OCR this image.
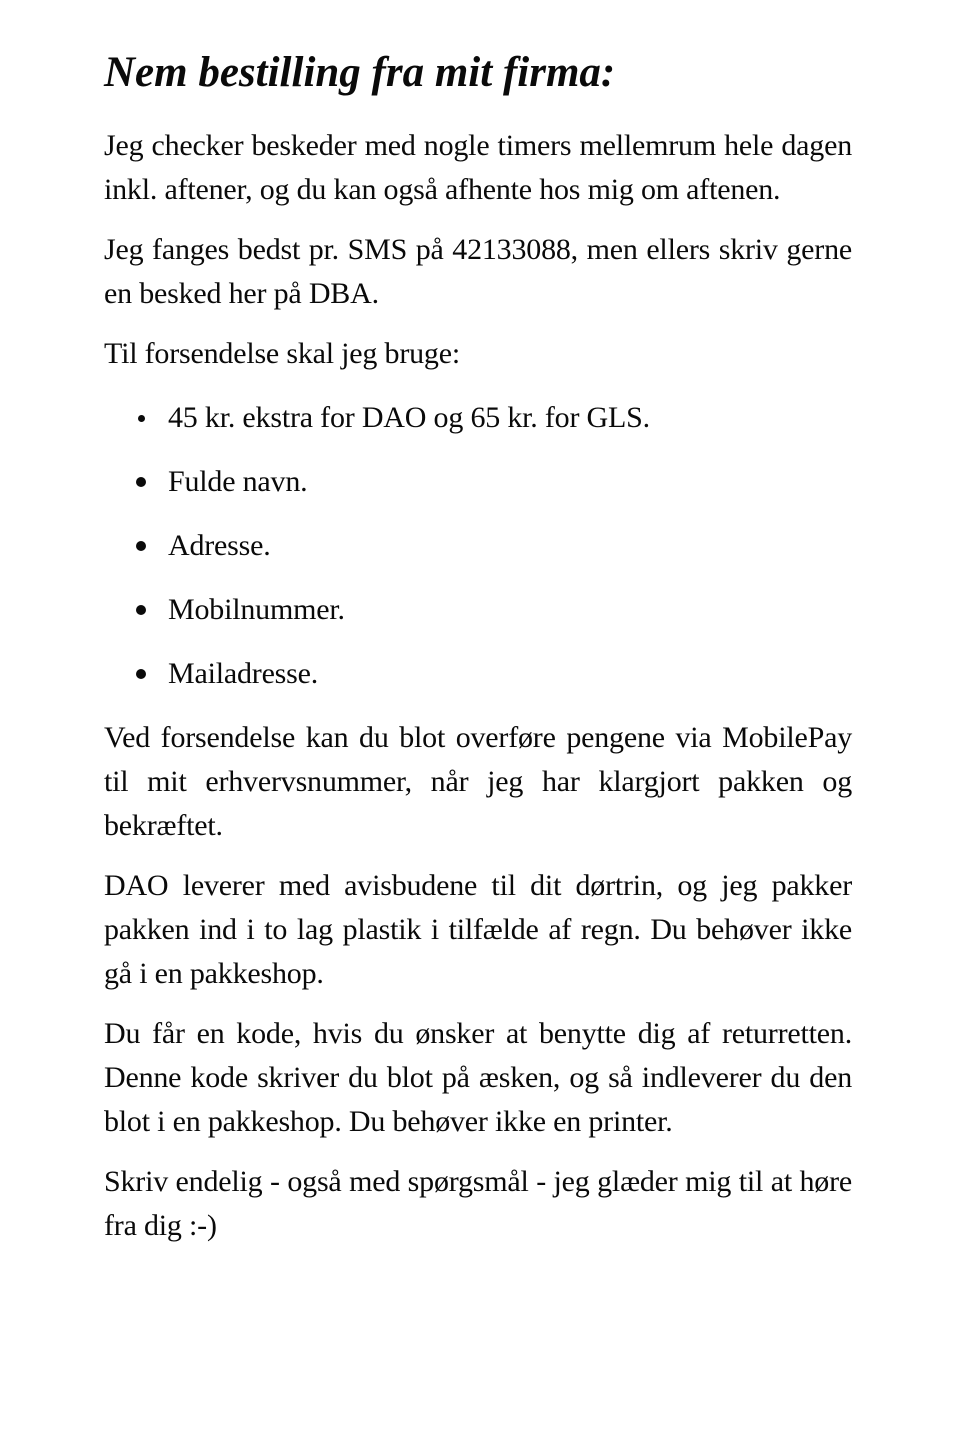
Nem bestilling fra mit firma:

Jeg checker beskeder med nogle timers mellemrum hele dagen inkl. aftener, og du kan også afhente hos mig om aftenen.

Jeg fanges bedst pr. SMS på 42133088, men ellers skriv gerne en besked her på DBA.

Til forsendelse skal jeg bruge:

45 kr. ekstra for DAO og 65 kr. for GLS.
Fulde navn.
Adresse.
Mobilnummer.
Mailadresse.

Ved forsendelse kan du blot overføre pengene via MobilePay til mit erhvervsnummer, når jeg har klargjort pakken og bekræftet.

DAO leverer med avisbudene til dit dørtrin, og jeg pakker pakken ind i to lag plastik i tilfælde af regn. Du behøver ikke gå i en pakkeshop.

Du får en kode, hvis du ønsker at benytte dig af returretten. Denne kode skriver du blot på æsken, og så indleverer du den blot i en pakkeshop. Du behøver ikke en printer.

Skriv endelig - også med spørgsmål - jeg glæder mig til at høre fra dig :-)
